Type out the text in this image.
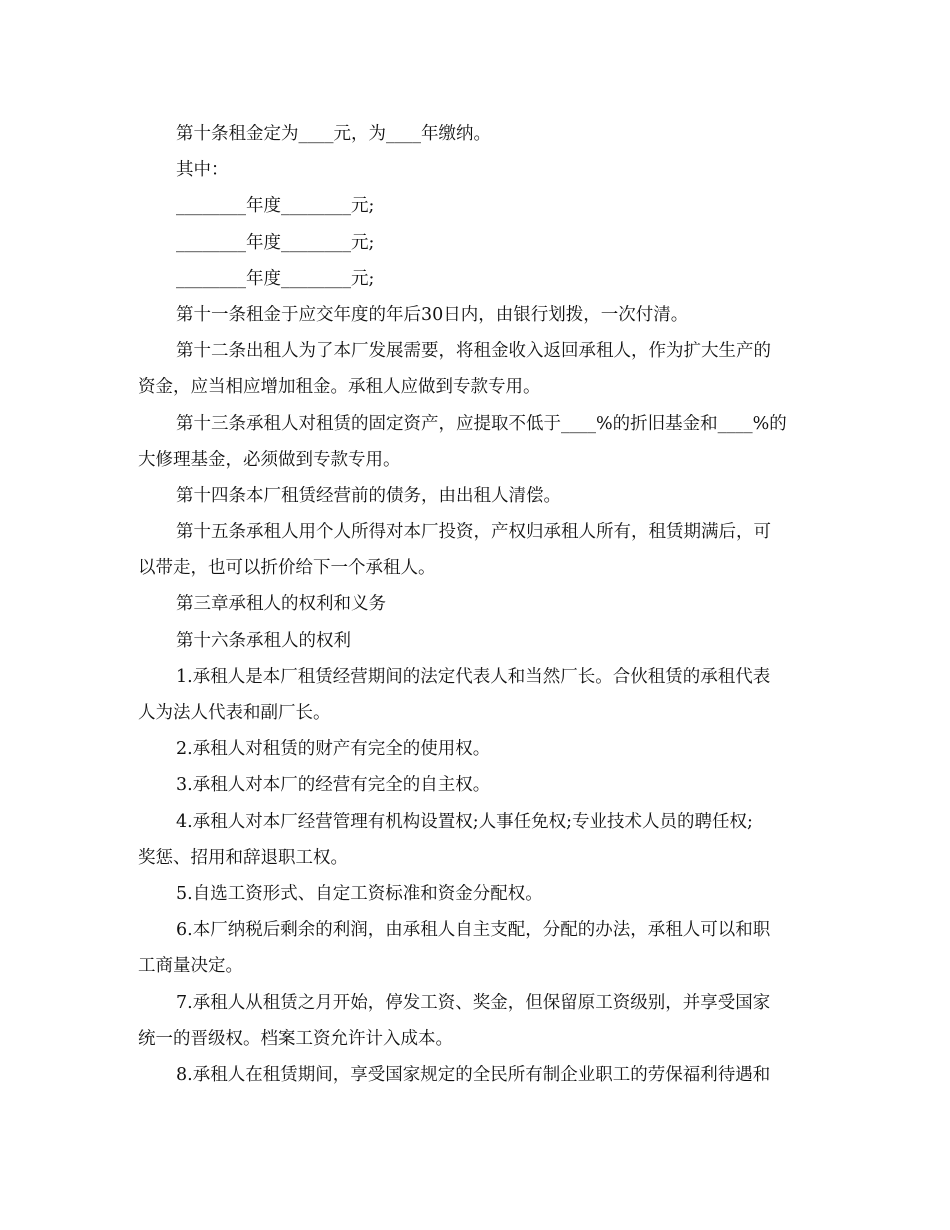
第十条租金定为____元，为____年缴纳。
其中：
________年度________元;
________年度________元;
________年度________元;
第十一条租金于应交年度的年后30日内，由银行划拨，一次付清。
第十二条出租人为了本厂发展需要，将租金收入返回承租人，作为扩大生产的
资金，应当相应增加租金。承租人应做到专款专用。
第十三条承租人对租赁的固定资产，应提取不低于____%的折旧基金和____%的
大修理基金，必须做到专款专用。
第十四条本厂租赁经营前的债务，由出租人清偿。
第十五条承租人用个人所得对本厂投资，产权归承租人所有，租赁期满后，可
以带走，也可以折价给下一个承租人。
第三章承租人的权利和义务
第十六条承租人的权利
1.承租人是本厂租赁经营期间的法定代表人和当然厂长。合伙租赁的承租代表
人为法人代表和副厂长。
2.承租人对租赁的财产有完全的使用权。
3.承租人对本厂的经营有完全的自主权。
4.承租人对本厂经营管理有机构设置权;人事任免权;专业技术人员的聘任权;
奖惩、招用和辞退职工权。
5.自选工资形式、自定工资标准和资金分配权。
6.本厂纳税后剩余的利润，由承租人自主支配，分配的办法，承租人可以和职
工商量决定。
7.承租人从租赁之月开始，停发工资、奖金，但保留原工资级别，并享受国家
统一的晋级权。档案工资允许计入成本。
8.承租人在租赁期间，享受国家规定的全民所有制企业职工的劳保福利待遇和
